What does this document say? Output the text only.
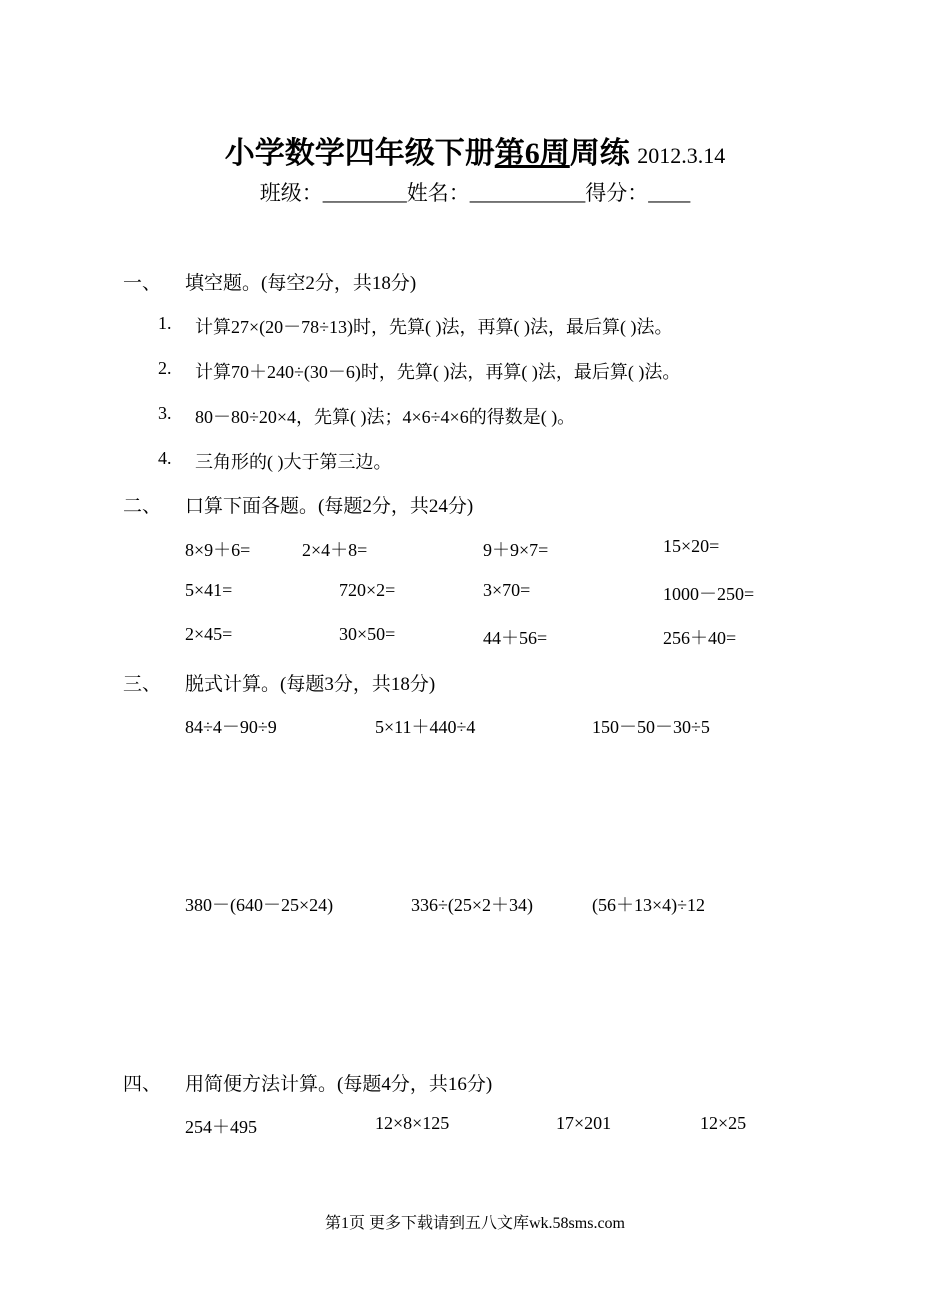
小学数学四年级下册第6周周练 2012.3.14
班级：________姓名：___________得分：____
一、 填空题。(每空2分，共18分)
1. 计算27×(20－78÷13)时，先算( )法，再算( )法，最后算( )法。
2. 计算70＋240÷(30－6)时，先算( )法，再算( )法，最后算( )法。
3. 80－80÷20×4，先算( )法；4×6÷4×6的得数是( )。
4. 三角形的( )大于第三边。
二、 口算下面各题。(每题2分，共24分)
8×9＋6=	2×4＋8=	9＋9×7=	15×20=
5×41=	720×2=	3×70=	1000－250=
2×45=	30×50=	44＋56=	256＋40=
三、 脱式计算。(每题3分，共18分)
84÷4－90÷9	5×11＋440÷4	150－50－30÷5
380－(640－25×24)	336÷(25×2＋34)	(56＋13×4)÷12
四、 用简便方法计算。(每题4分，共16分)
254＋495	12×8×125	17×201	12×25
第1页 更多下载请到五八文库wk.58sms.com
